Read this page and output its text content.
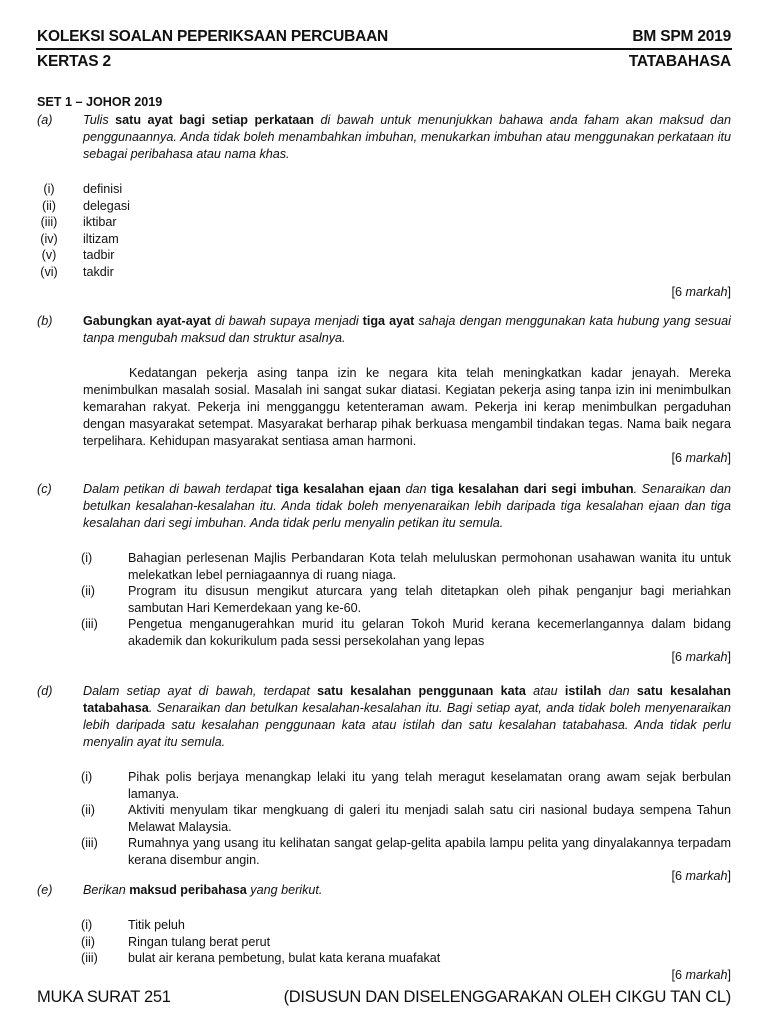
KOLEKSI SOALAN PEPERIKSAAN PERCUBAAN	BM SPM 2019
KERTAS 2	TATABAHASA
SET 1 – JOHOR 2019
(a) Tulis satu ayat bagi setiap perkataan di bawah untuk menunjukkan bahawa anda faham akan maksud dan penggunaannya. Anda tidak boleh menambahkan imbuhan, menukarkan imbuhan atau menggunakan perkataan itu sebagai peribahasa atau nama khas.
(i)	definisi
(ii)	delegasi
(iii) iktibar
(iv) iltizam
(v)	tadbir
(vi) takdir
[6 markah]
(b) Gabungkan ayat-ayat di bawah supaya menjadi tiga ayat sahaja dengan menggunakan kata hubung yang sesuai tanpa mengubah maksud dan struktur asalnya.
Kedatangan pekerja asing tanpa izin ke negara kita telah meningkatkan kadar jenayah. Mereka menimbulkan masalah sosial. Masalah ini sangat sukar diatasi. Kegiatan pekerja asing tanpa izin ini menimbulkan kemarahan rakyat. Pekerja ini mengganggu ketenteraman awam. Pekerja ini kerap menimbulkan pergaduhan dengan masyarakat setempat. Masyarakat berharap pihak berkuasa mengambil tindakan tegas. Nama baik negara terpelihara. Kehidupan masyarakat sentiasa aman harmoni.
[6 markah]
(c) Dalam petikan di bawah terdapat tiga kesalahan ejaan dan tiga kesalahan dari segi imbuhan. Senaraikan dan betulkan kesalahan-kesalahan itu. Anda tidak boleh menyenaraikan lebih daripada tiga kesalahan ejaan dan tiga kesalahan dari segi imbuhan. Anda tidak perlu menyalin petikan itu semula.
(i)	Bahagian perlesenan Majlis Perbandaran Kota telah meluluskan permohonan usahawan wanita itu untuk melekatkan lebel perniagaannya di ruang niaga.
(ii)	Program itu disusun mengikut aturcara yang telah ditetapkan oleh pihak penganjur bagi meriahkan sambutan Hari Kemerdekaan yang ke-60.
(iii) Pengetua menganugerahkan murid itu gelaran Tokoh Murid kerana kecemerlangannya dalam bidang akademik dan kokurikulum pada sessi persekolahan yang lepas
[6 markah]
(d) Dalam setiap ayat di bawah, terdapat satu kesalahan penggunaan kata atau istilah dan satu kesalahan tatabahasa. Senaraikan dan betulkan kesalahan-kesalahan itu. Bagi setiap ayat, anda tidak boleh menyenaraikan lebih daripada satu kesalahan penggunaan kata atau istilah dan satu kesalahan tatabahasa. Anda tidak perlu menyalin ayat itu semula.
(i)	Pihak polis berjaya menangkap lelaki itu yang telah meragut keselamatan orang awam sejak berbulan lamanya.
(ii)	Aktiviti menyulam tikar mengkuang di galeri itu menjadi salah satu ciri nasional budaya sempena Tahun Melawat Malaysia.
(iii) Rumahnya yang usang itu kelihatan sangat gelap-gelita apabila lampu pelita yang dinyalakannya terpadam kerana disembur angin.
[6 markah]
(e) Berikan maksud peribahasa yang berikut.
(i)	Titik peluh
(ii)	Ringan tulang berat perut
(iii) bulat air kerana pembetung, bulat kata kerana muafakat
[6 markah]
MUKA SURAT 251	(DISUSUN DAN DISELENGGARAKAN OLEH CIKGU TAN CL)
